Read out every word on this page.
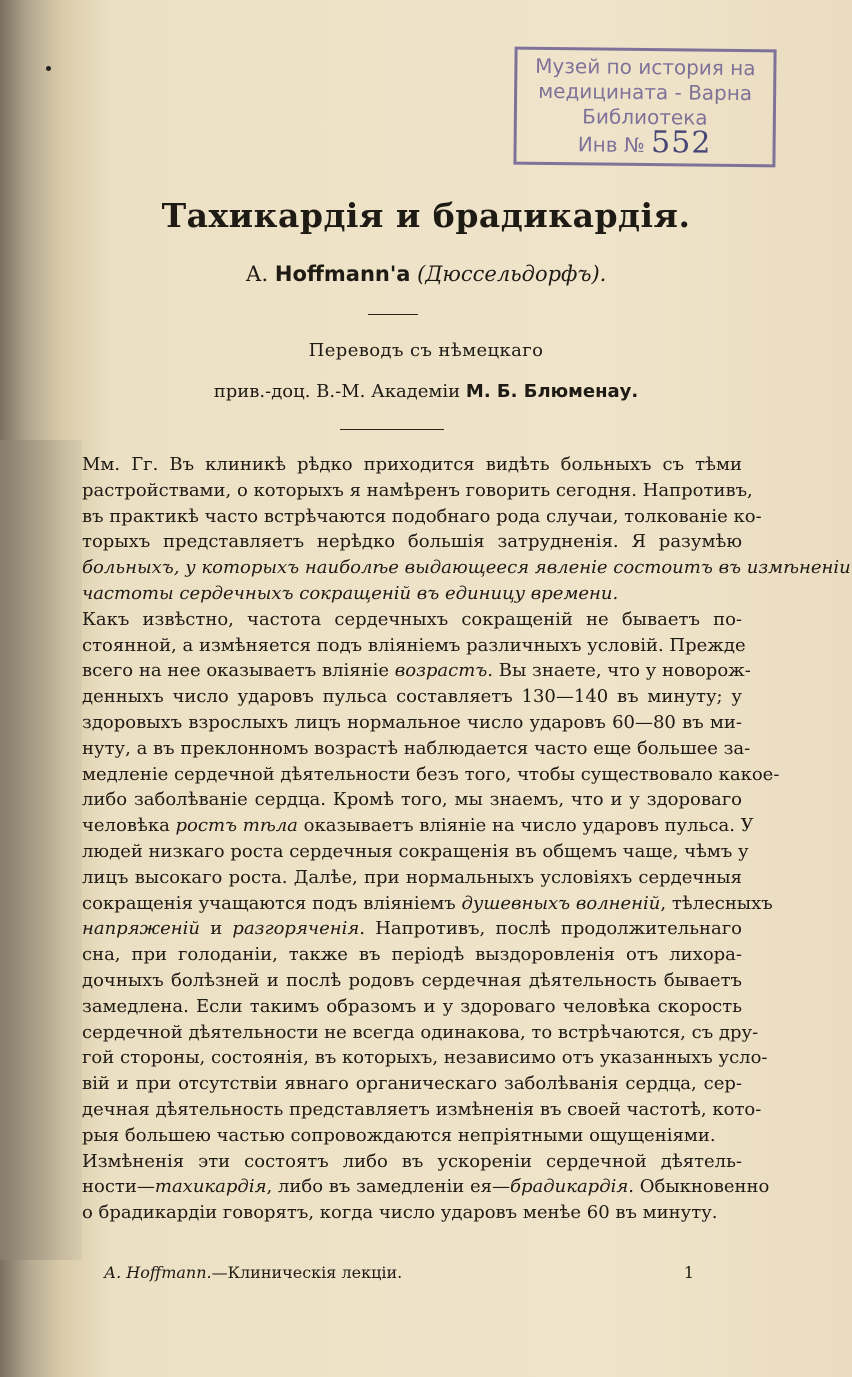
Музей по история на
медицината - Варна
Библиотека
Инв № 552
Тахикардія и брадикардія.

А. Hoffmann'а (Дюссельдорфъ).

Переводъ съ нѣмецкаго

прив.-доц. В.-М. Академіи М. Б. Блюменау.

Мм. Гг. Въ клиникѣ рѣдко приходится видѣть больныхъ съ тѣми
растройствами, о которыхъ я намѣренъ говорить сегодня. Напротивъ,
въ практикѣ часто встрѣчаются подобнаго рода случаи, толкованіе ко-
торыхъ представляетъ нерѣдко большія затрудненія. Я разумѣю
больныхъ, у которыхъ наиболѣе выдающееся явленіе состоитъ въ измѣненіи
частоты сердечныхъ сокращеній въ единицу времени.
Какъ извѣстно, частота сердечныхъ сокращеній не бываетъ по-
стоянной, а измѣняется подъ вліяніемъ различныхъ условій. Прежде
всего на нее оказываетъ вліяніе возрастъ. Вы знаете, что у новорож-
денныхъ число ударовъ пульса составляетъ 130—140 въ минуту; у
здоровыхъ взрослыхъ лицъ нормальное число ударовъ 60—80 въ ми-
нуту, а въ преклонномъ возрастѣ наблюдается часто еще большее за-
медленіе сердечной дѣятельности безъ того, чтобы существовало какое-
либо заболѣваніе сердца. Кромѣ того, мы знаемъ, что и у здороваго
человѣка ростъ тѣла оказываетъ вліяніе на число ударовъ пульса. У
людей низкаго роста сердечныя сокращенія въ общемъ чаще, чѣмъ у
лицъ высокаго роста. Далѣе, при нормальныхъ условіяхъ сердечныя
сокращенія учащаются подъ вліяніемъ душевныхъ волненій, тѣлесныхъ
напряженій и разгоряченія. Напротивъ, послѣ продолжительнаго
сна, при голоданіи, также въ періодѣ выздоровленія отъ лихора-
дочныхъ болѣзней и послѣ родовъ сердечная дѣятельность бываетъ
замедлена. Если такимъ образомъ и у здороваго человѣка скорость
сердечной дѣятельности не всегда одинакова, то встрѣчаются, съ дру-
гой стороны, состоянія, въ которыхъ, независимо отъ указанныхъ усло-
вій и при отсутствіи явнаго органическаго заболѣванія сердца, сер-
дечная дѣятельность представляетъ измѣненія въ своей частотѣ, кото-
рыя большею частью сопровождаются непріятными ощущеніями.
Измѣненія эти состоятъ либо въ ускореніи сердечной дѣятель-
ности—тахикардія, либо въ замедленіи ея—брадикардія. Обыкновенно
о брадикардіи говорятъ, когда число ударовъ менѣе 60 въ минуту.
А. Hoffmann.—Клиническія лекціи.	1
